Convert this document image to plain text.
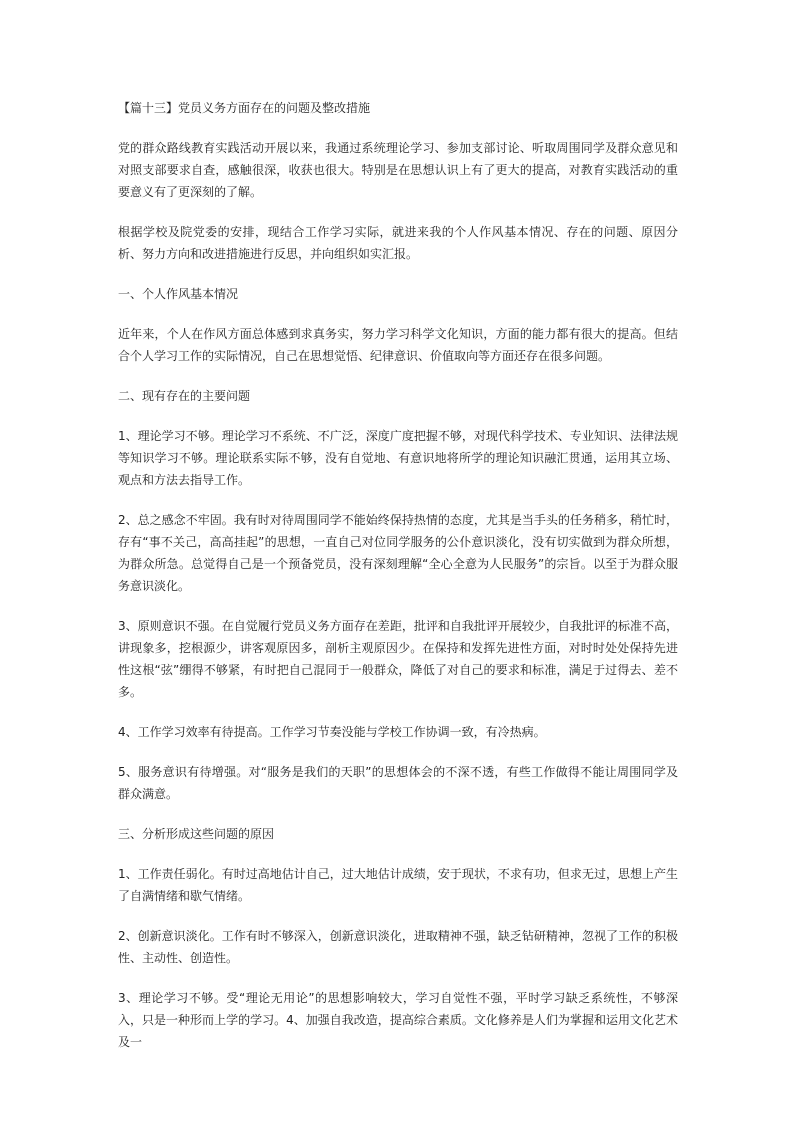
【篇十三】党员义务方面存在的问题及整改措施

党的群众路线教育实践活动开展以来，我通过系统理论学习、参加支部讨论、听取周围同学及群众意见和对照支部要求自查，感触很深，收获也很大。特别是在思想认识上有了更大的提高，对教育实践活动的重要意义有了更深刻的了解。

根据学校及院党委的安排，现结合工作学习实际，就进来我的个人作风基本情况、存在的问题、原因分析、努力方向和改进措施进行反思，并向组织如实汇报。

一、个人作风基本情况

近年来，个人在作风方面总体感到求真务实，努力学习科学文化知识，方面的能力都有很大的提高。但结合个人学习工作的实际情况，自己在思想觉悟、纪律意识、价值取向等方面还存在很多问题。

二、现有存在的主要问题

1、理论学习不够。理论学习不系统、不广泛，深度广度把握不够，对现代科学技术、专业知识、法律法规等知识学习不够。理论联系实际不够，没有自觉地、有意识地将所学的理论知识融汇贯通，运用其立场、观点和方法去指导工作。

2、总之感念不牢固。我有时对待周围同学不能始终保持热情的态度，尤其是当手头的任务稍多，稍忙时，存有“事不关己，高高挂起”的思想，一直自己对位同学服务的公仆意识淡化，没有切实做到为群众所想，为群众所急。总觉得自己是一个预备党员，没有深刻理解“全心全意为人民服务”的宗旨。以至于为群众服务意识淡化。

3、原则意识不强。在自觉履行党员义务方面存在差距，批评和自我批评开展较少，自我批评的标准不高，讲现象多，挖根源少，讲客观原因多，剖析主观原因少。在保持和发挥先进性方面，对时时处处保持先进性这根“弦”绷得不够紧，有时把自己混同于一般群众，降低了对自己的要求和标准，满足于过得去、差不多。

4、工作学习效率有待提高。工作学习节奏没能与学校工作协调一致，有冷热病。

5、服务意识有待增强。对“服务是我们的天职”的思想体会的不深不透，有些工作做得不能让周围同学及群众满意。

三、分析形成这些问题的原因

1、工作责任弱化。有时过高地估计自己，过大地估计成绩，安于现状，不求有功，但求无过，思想上产生了自满情绪和歇气情绪。

2、创新意识淡化。工作有时不够深入，创新意识淡化，进取精神不强，缺乏钻研精神，忽视了工作的积极性、主动性、创造性。

3、理论学习不够。受“理论无用论”的思想影响较大，学习自觉性不强，平时学习缺乏系统性，不够深入，只是一种形而上学的学习。4、加强自我改造，提高综合素质。文化修养是人们为掌握和运用文化艺术及一
